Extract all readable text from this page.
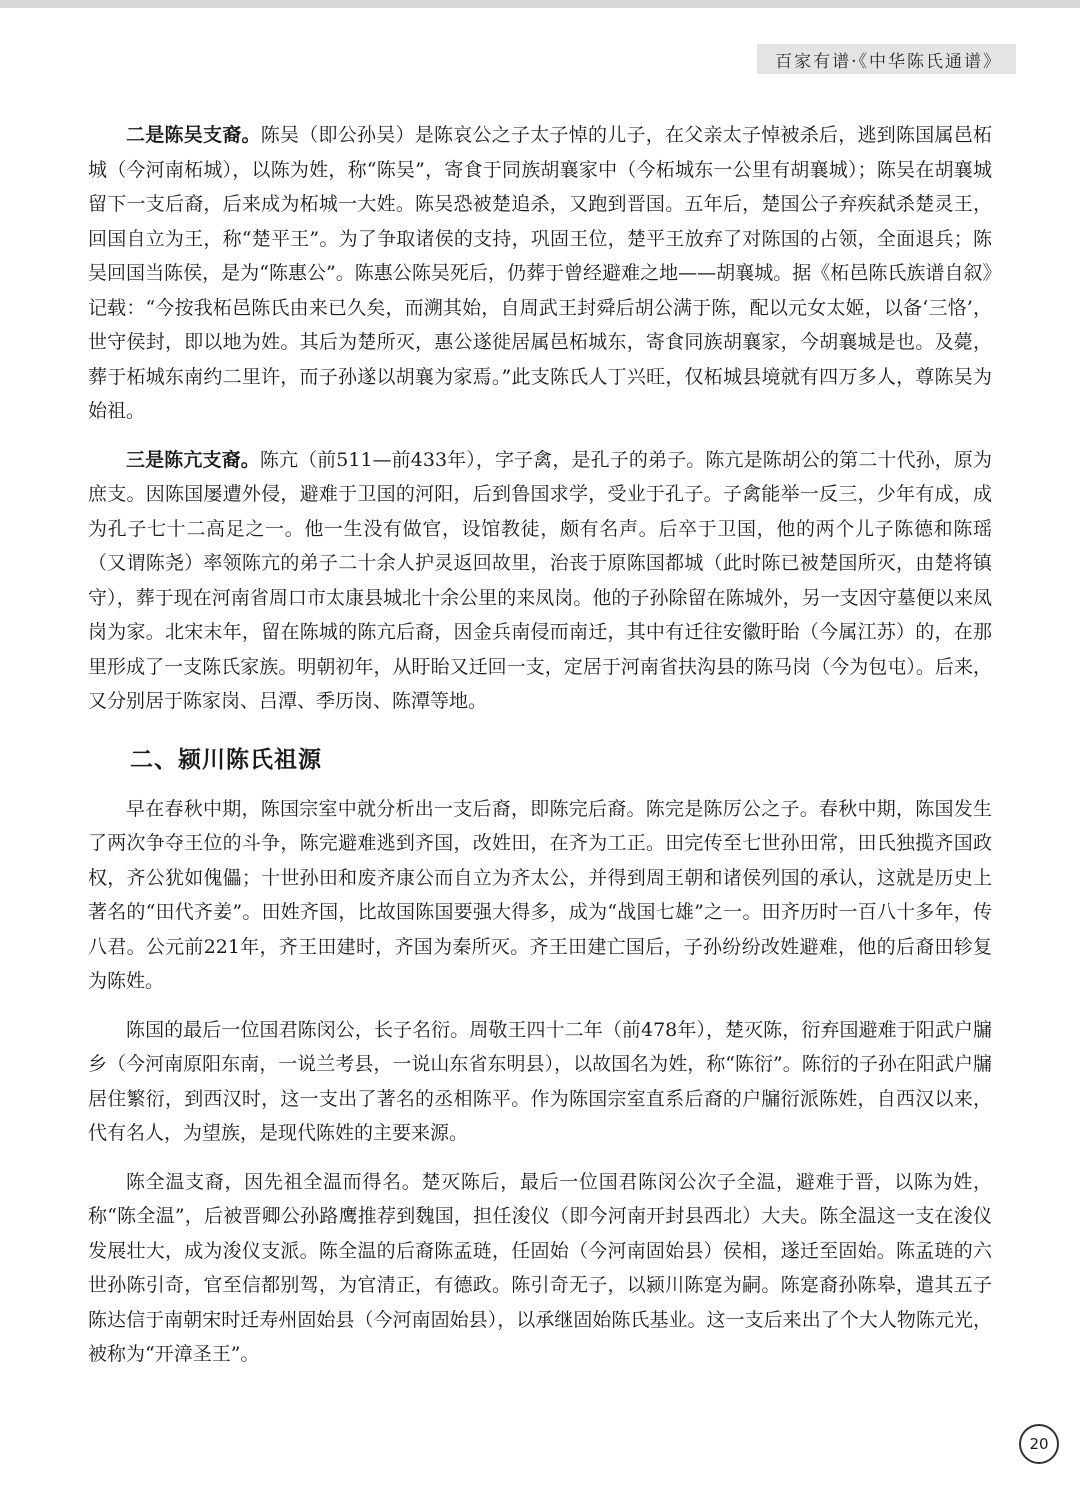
百家有谱·《中华陈氏通谱》

二是陈吴支裔。陈吴（即公孙吴）是陈哀公之子太子悼的儿子，在父亲太子悼被杀后，逃到陈国属邑柘城（今河南柘城），以陈为姓，称“陈吴”，寄食于同族胡襄家中（今柘城东一公里有胡襄城）；陈吴在胡襄城留下一支后裔，后来成为柘城一大姓。陈吴恐被楚追杀，又跑到晋国。五年后，楚国公子弃疾弑杀楚灵王，回国自立为王，称“楚平王”。为了争取诸侯的支持，巩固王位，楚平王放弃了对陈国的占领，全面退兵；陈吴回国当陈侯，是为“陈惠公”。陈惠公陈吴死后，仍葬于曾经避难之地——胡襄城。据《柘邑陈氏族谱自叙》记载：“今按我柘邑陈氏由来已久矣，而溯其始，自周武王封舜后胡公满于陈，配以元女太姬，以备‘三恪’，世守侯封，即以地为姓。其后为楚所灭，惠公遂徙居属邑柘城东，寄食同族胡襄家，今胡襄城是也。及薨，葬于柘城东南约二里许，而子孙遂以胡襄为家焉。”此支陈氏人丁兴旺，仅柘城县境就有四万多人，尊陈吴为始祖。

三是陈亢支裔。陈亢（前511—前433年），字子禽，是孔子的弟子。陈亢是陈胡公的第二十代孙，原为庶支。因陈国屡遭外侵，避难于卫国的河阳，后到鲁国求学，受业于孔子。子禽能举一反三，少年有成，成为孔子七十二高足之一。他一生没有做官，设馆教徒，颇有名声。后卒于卫国，他的两个儿子陈德和陈瑶（又谓陈尧）率领陈亢的弟子二十余人护灵返回故里，治丧于原陈国都城（此时陈已被楚国所灭，由楚将镇守），葬于现在河南省周口市太康县城北十余公里的来凤岗。他的子孙除留在陈城外，另一支因守墓便以来凤岗为家。北宋末年，留在陈城的陈亢后裔，因金兵南侵而南迁，其中有迁往安徽盱眙（今属江苏）的，在那里形成了一支陈氏家族。明朝初年，从盱眙又迁回一支，定居于河南省扶沟县的陈马岗（今为包屯）。后来，又分别居于陈家岗、吕潭、季历岗、陈潭等地。

二、颍川陈氏祖源

早在春秋中期，陈国宗室中就分析出一支后裔，即陈完后裔。陈完是陈厉公之子。春秋中期，陈国发生了两次争夺王位的斗争，陈完避难逃到齐国，改姓田，在齐为工正。田完传至七世孙田常，田氏独揽齐国政权，齐公犹如傀儡；十世孙田和废齐康公而自立为齐太公，并得到周王朝和诸侯列国的承认，这就是历史上著名的“田代齐姜”。田姓齐国，比故国陈国要强大得多，成为“战国七雄”之一。田齐历时一百八十多年，传八君。公元前221年，齐王田建时，齐国为秦所灭。齐王田建亡国后，子孙纷纷改姓避难，他的后裔田轸复为陈姓。

陈国的最后一位国君陈闵公，长子名衍。周敬王四十二年（前478年），楚灭陈，衍弃国避难于阳武户牖乡（今河南原阳东南，一说兰考县，一说山东省东明县），以故国名为姓，称“陈衍”。陈衍的子孙在阳武户牖居住繁衍，到西汉时，这一支出了著名的丞相陈平。作为陈国宗室直系后裔的户牖衍派陈姓，自西汉以来，代有名人，为望族，是现代陈姓的主要来源。

陈全温支裔，因先祖全温而得名。楚灭陈后，最后一位国君陈闵公次子全温，避难于晋，以陈为姓，称“陈全温”，后被晋卿公孙路鹰推荐到魏国，担任浚仪（即今河南开封县西北）大夫。陈全温这一支在浚仪发展壮大，成为浚仪支派。陈全温的后裔陈孟琏，任固始（今河南固始县）侯相，遂迁至固始。陈孟琏的六世孙陈引奇，官至信都别驾，为官清正，有德政。陈引奇无子，以颍川陈寔为嗣。陈寔裔孙陈皋，遣其五子陈达信于南朝宋时迁寿州固始县（今河南固始县），以承继固始陈氏基业。这一支后来出了个大人物陈元光，被称为“开漳圣王”。

20
